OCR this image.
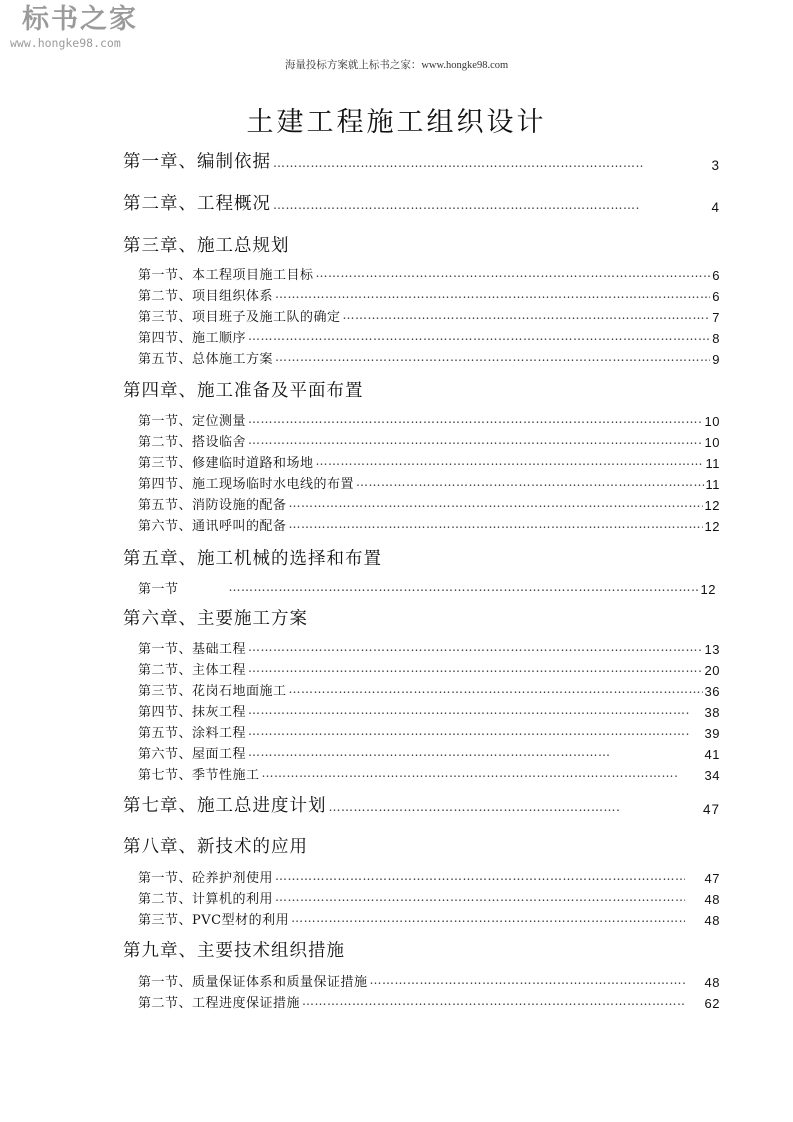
标书之家
www.hongke98.com
海量投标方案就上标书之家：www.hongke98.com
土建工程施工组织设计
第一章、编制依据 ……………………………………………………………………………………………………………………………………………………………………………………	3
第二章、工程概况 ……………………………………………………………………………………………………………………………………………………………………………………	4
第三章、施工总规划
第一节、本工程项目施工目标 ……………………………………………………………………………………………………………………………………………………………………………………	6
第二节、项目组织体系 ……………………………………………………………………………………………………………………………………………………………………………………	6
第三节、项目班子及施工队的确定 ……………………………………………………………………………………………………………………………………………………………………………………	7
第四节、施工顺序 ……………………………………………………………………………………………………………………………………………………………………………………	8
第五节、总体施工方案 ……………………………………………………………………………………………………………………………………………………………………………………	9
第四章、施工准备及平面布置
第一节、定位测量 ……………………………………………………………………………………………………………………………………………………………………………………	10
第二节、搭设临舍 ……………………………………………………………………………………………………………………………………………………………………………………	10
第三节、修建临时道路和场地 ……………………………………………………………………………………………………………………………………………………………………………………	11
第四节、施工现场临时水电线的布置 ……………………………………………………………………………………………………………………………………………………………………………………	11
第五节、消防设施的配备 ……………………………………………………………………………………………………………………………………………………………………………………	12
第六节、通讯呼叫的配备 ……………………………………………………………………………………………………………………………………………………………………………………	12
第五章、施工机械的选择和布置
第一节 ……………………………………………………………………………………………………………………………………………………………………………………	12
第六章、主要施工方案
第一节、基础工程 ……………………………………………………………………………………………………………………………………………………………………………………	13
第二节、主体工程 ……………………………………………………………………………………………………………………………………………………………………………………	20
第三节、花岗石地面施工 ……………………………………………………………………………………………………………………………………………………………………………………	36
第四节、抹灰工程 ……………………………………………………………………………………………………………………………………………………………………………………	38
第五节、涂料工程 ……………………………………………………………………………………………………………………………………………………………………………………	39
第六节、屋面工程 ……………………………………………………………………………………………………………………………………………………………………………………	41
第七节、季节性施工 ……………………………………………………………………………………………………………………………………………………………………………………	34
第七章、施工总进度计划 ……………………………………………………………………………………………………………………………………………………………………………………	47
第八章、新技术的应用
第一节、砼养护剂使用 ……………………………………………………………………………………………………………………………………………………………………………………	47
第二节、计算机的利用 ……………………………………………………………………………………………………………………………………………………………………………………	48
第三节、PVC型材的利用 ……………………………………………………………………………………………………………………………………………………………………………………	48
第九章、主要技术组织措施
第一节、质量保证体系和质量保证措施 ……………………………………………………………………………………………………………………………………………………………………………………	48
第二节、工程进度保证措施 ……………………………………………………………………………………………………………………………………………………………………………………	62
